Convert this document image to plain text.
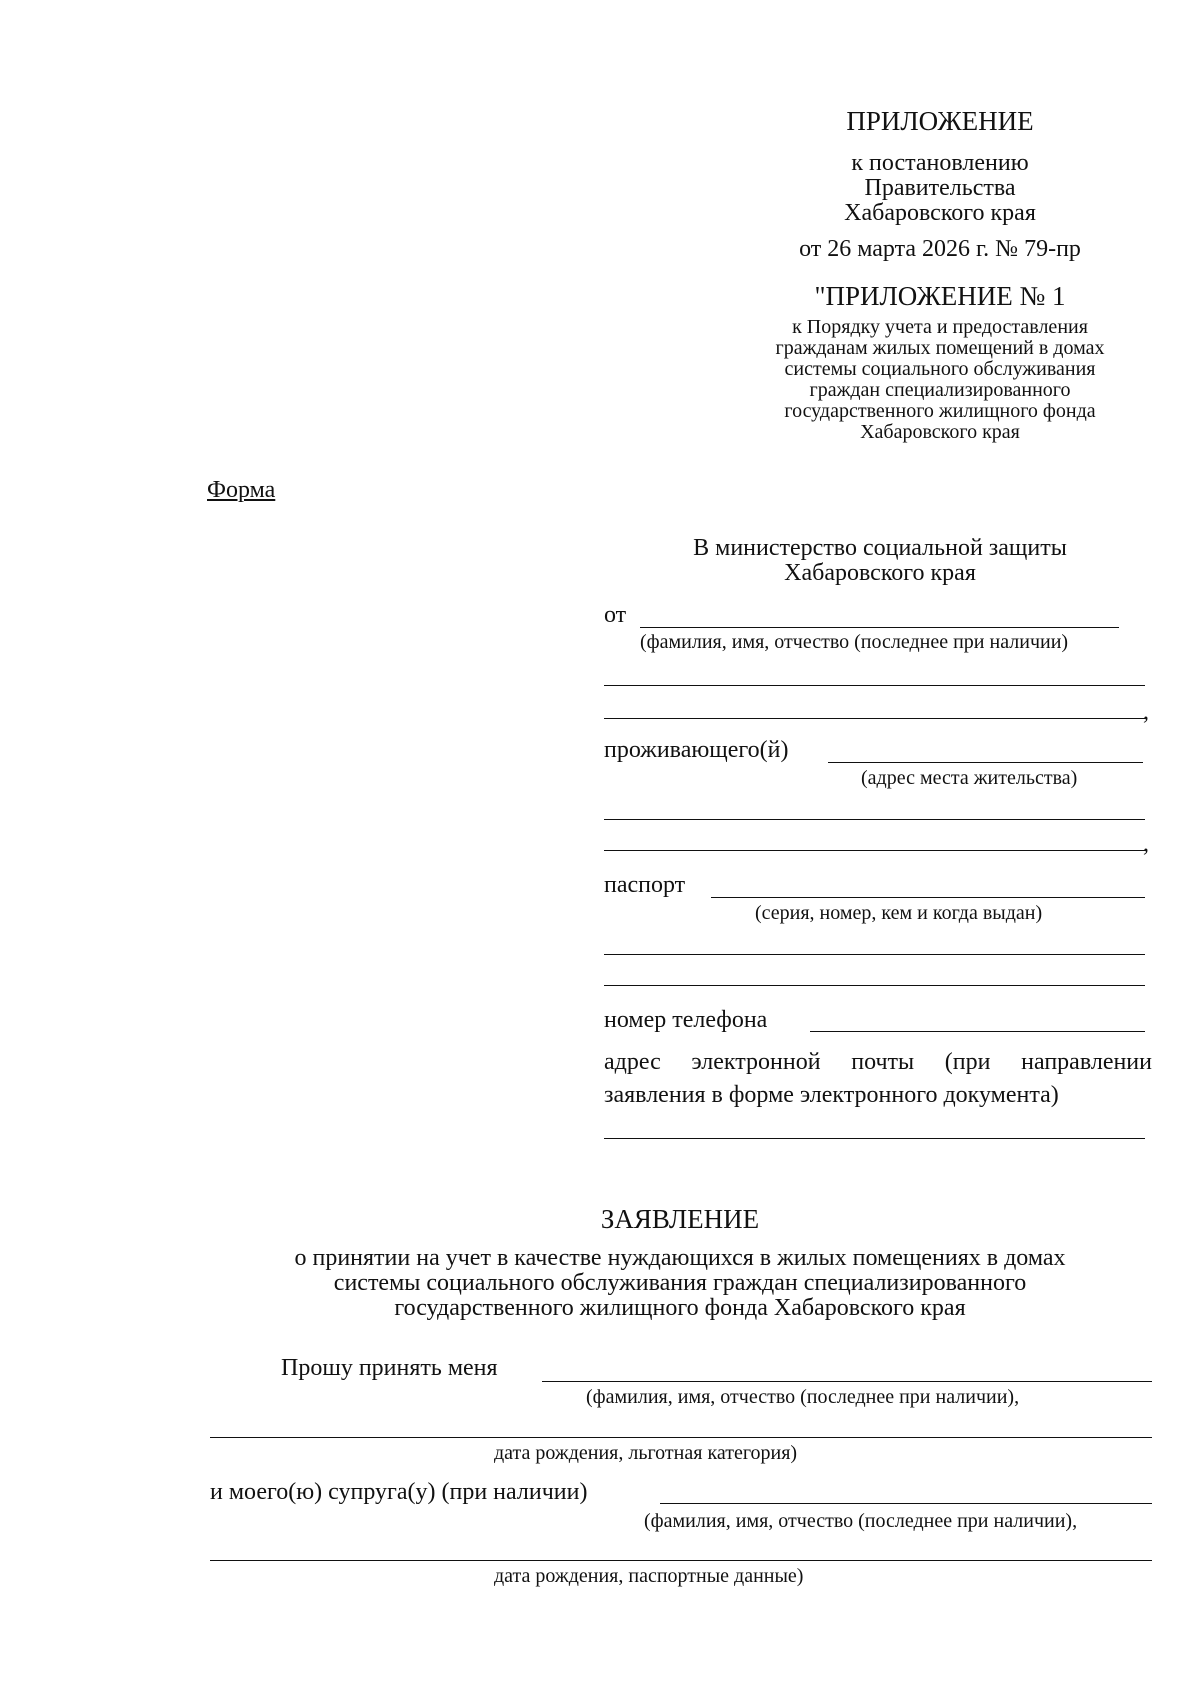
ПРИЛОЖЕНИЕ
к постановлению
Правительства
Хабаровского края
от 26 марта 2026 г. № 79-пр
"ПРИЛОЖЕНИЕ № 1
к Порядку учета и предоставления
гражданам жилых помещений в домах
системы социального обслуживания
граждан специализированного
государственного жилищного фонда
Хабаровского края
Форма
В министерство социальной защиты
Хабаровского края
от
(фамилия, имя, отчество (последнее при наличии)
,
проживающего(й)
(адрес места жительства)
,
паспорт
(серия, номер, кем и когда выдан)
номер телефона
адрес электронной почты (при направлении
заявления в форме электронного документа)
ЗАЯВЛЕНИЕ
о принятии на учет в качестве нуждающихся в жилых помещениях в домах
системы социального обслуживания граждан специализированного
государственного жилищного фонда Хабаровского края
Прошу принять меня
(фамилия, имя, отчество (последнее при наличии),
дата рождения, льготная категория)
и моего(ю) супруга(у) (при наличии)
(фамилия, имя, отчество (последнее при наличии),
дата рождения, паспортные данные)
